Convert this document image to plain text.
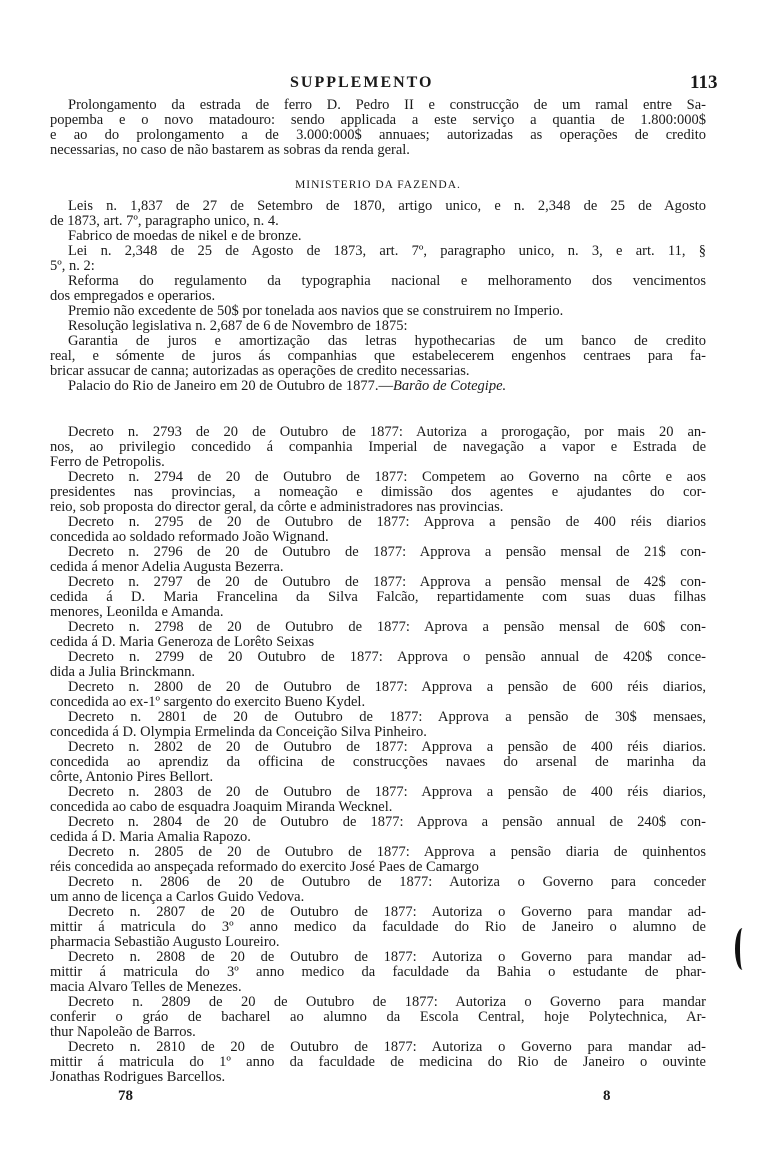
SUPPLEMENTO	113
Prolongamento da estrada de ferro D. Pedro II e construcção de um ramal entre Sa-
popemba e o novo matadouro: sendo applicada a este serviço a quantia de 1.800:000$
e ao do prolongamento a de 3.000:000$ annuaes; autorizadas as operações de credito
necessarias, no caso de não bastarem as sobras da renda geral.
MINISTERIO DA FAZENDA.
Leis n. 1,837 de 27 de Setembro de 1870, artigo unico, e n. 2,348 de 25 de Agosto
de 1873, art. 7º, paragrapho unico, n. 4.
Fabrico de moedas de nikel e de bronze.
Lei n. 2,348 de 25 de Agosto de 1873, art. 7º, paragrapho unico, n. 3, e art. 11, §
5º, n. 2:
Reforma do regulamento da typographia nacional e melhoramento dos vencimentos
dos empregados e operarios.
Premio não excedente de 50$ por tonelada aos navios que se construirem no Imperio.
Resolução legislativa n. 2,687 de 6 de Novembro de 1875:
Garantia de juros e amortização das letras hypothecarias de um banco de credito
real, e sómente de juros ás companhias que estabelecerem engenhos centraes para fa-
bricar assucar de canna; autorizadas as operações de credito necessarias.
Palacio do Rio de Janeiro em 20 de Outubro de 1877.—Barão de Cotegipe.
Decreto n. 2793 de 20 de Outubro de 1877: Autoriza a prorogação, por mais 20 an-
nos, ao privilegio concedido á companhia Imperial de navegação a vapor e Estrada de
Ferro de Petropolis.
Decreto n. 2794 de 20 de Outubro de 1877: Competem ao Governo na côrte e aos
presidentes nas provincias, a nomeação e dimissão dos agentes e ajudantes do cor-
reio, sob proposta do director geral, da côrte e administradores nas provincias.
Decreto n. 2795 de 20 de Outubro de 1877: Approva a pensão de 400 réis diarios
concedida ao soldado reformado João Wignand.
Decreto n. 2796 de 20 de Outubro de 1877: Approva a pensão mensal de 21$ con-
cedida á menor Adelia Augusta Bezerra.
Decreto n. 2797 de 20 de Outubro de 1877: Approva a pensão mensal de 42$ con-
cedida á D. Maria Francelina da Silva Falcão, repartidamente com suas duas filhas
menores, Leonilda e Amanda.
Decreto n. 2798 de 20 de Outubro de 1877: Aprova a pensão mensal de 60$ con-
cedida á D. Maria Generoza de Lorêto Seixas
Decreto n. 2799 de 20 Outubro de 1877: Approva o pensão annual de 420$ conce-
dida a Julia Brinckmann.
Decreto n. 2800 de 20 de Outubro de 1877: Approva a pensão de 600 réis diarios,
concedida ao ex-1º sargento do exercito Bueno Kydel.
Decreto n. 2801 de 20 de Outubro de 1877: Approva a pensão de 30$ mensaes,
concedida á D. Olympia Ermelinda da Conceição Silva Pinheiro.
Decreto n. 2802 de 20 de Outubro de 1877: Approva a pensão de 400 réis diarios.
concedida ao aprendiz da officina de construcções navaes do arsenal de marinha da
côrte, Antonio Pires Bellort.
Decreto n. 2803 de 20 de Outubro de 1877: Approva a pensão de 400 réis diarios,
concedida ao cabo de esquadra Joaquim Miranda Wecknel.
Decreto n. 2804 de 20 de Outubro de 1877: Approva a pensão annual de 240$ con-
cedida á D. Maria Amalia Rapozo.
Decreto n. 2805 de 20 de Outubro de 1877: Approva a pensão diaria de quinhentos
réis concedida ao anspeçada reformado do exercito José Paes de Camargo
Decreto n. 2806 de 20 de Outubro de 1877: Autoriza o Governo para conceder
um anno de licença a Carlos Guido Vedova.
Decreto n. 2807 de 20 de Outubro de 1877: Autoriza o Governo para mandar ad-
mittir á matricula do 3º anno medico da faculdade do Rio de Janeiro o alumno de
pharmacia Sebastião Augusto Loureiro.
Decreto n. 2808 de 20 de Outubro de 1877: Autoriza o Governo para mandar ad-
mittir á matricula do 3º anno medico da faculdade da Bahia o estudante de phar-
macia Alvaro Telles de Menezes.
Decreto n. 2809 de 20 de Outubro de 1877: Autoriza o Governo para mandar
conferir o gráo de bacharel ao alumno da Escola Central, hoje Polytechnica, Ar-
thur Napoleão de Barros.
Decreto n. 2810 de 20 de Outubro de 1877: Autoriza o Governo para mandar ad-
mittir á matricula do 1º anno da faculdade de medicina do Rio de Janeiro o ouvinte
Jonathas Rodrigues Barcellos.
78	8
